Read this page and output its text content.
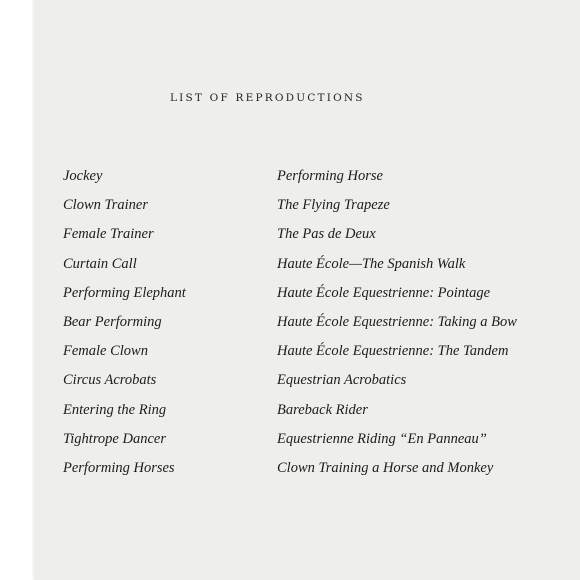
LIST OF REPRODUCTIONS
Jockey
Clown Trainer
Female Trainer
Curtain Call
Performing Elephant
Bear Performing
Female Clown
Circus Acrobats
Entering the Ring
Tightrope Dancer
Performing Horses
Performing Horse
The Flying Trapeze
The Pas de Deux
Haute École—The Spanish Walk
Haute École Equestrienne: Pointage
Haute École Equestrienne: Taking a Bow
Haute École Equestrienne: The Tandem
Equestrian Acrobatics
Bareback Rider
Equestrienne Riding “En Panneau”
Clown Training a Horse and Monkey
